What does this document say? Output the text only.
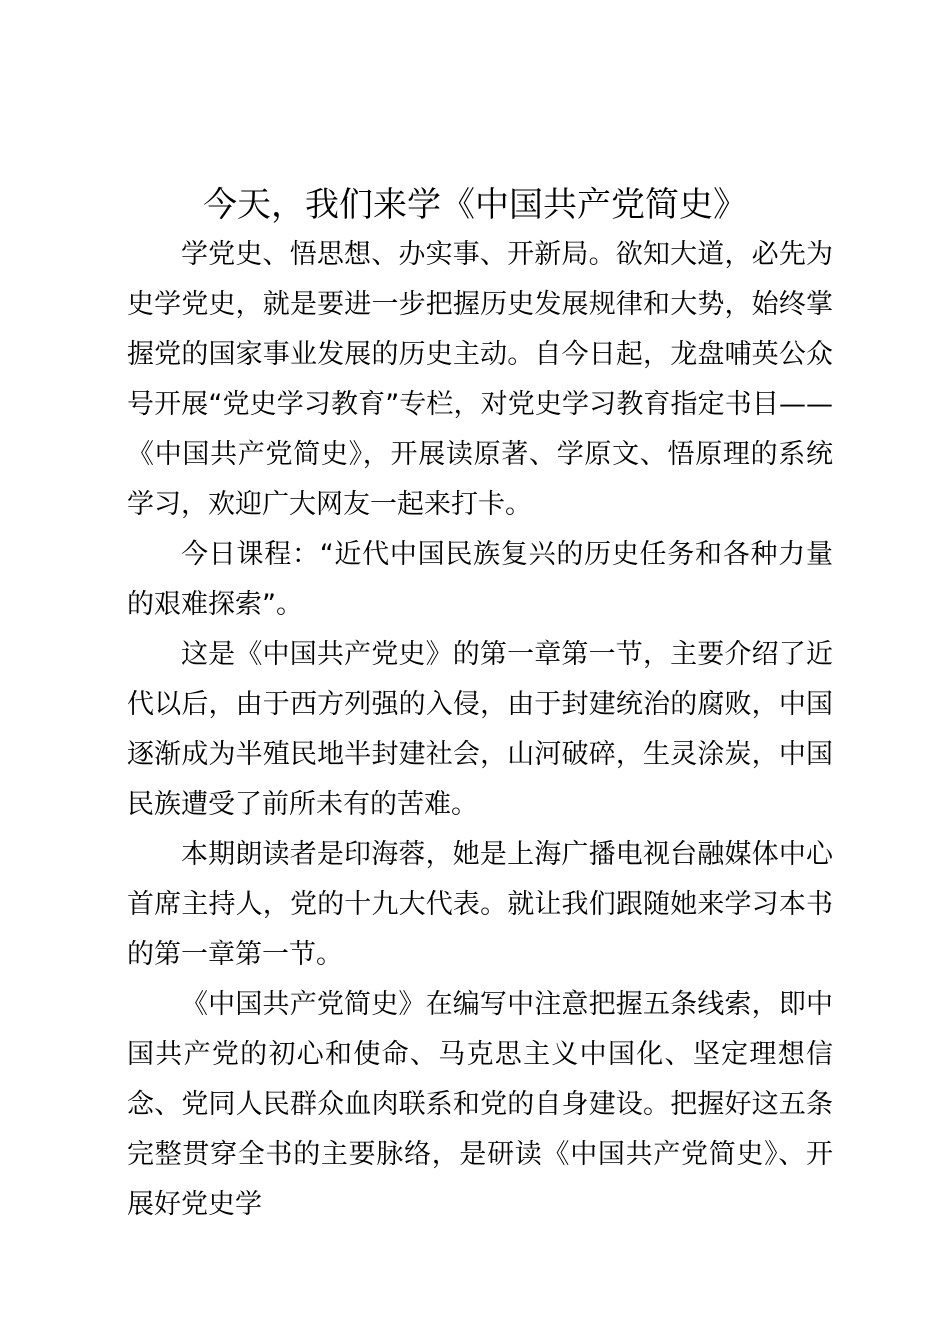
今天，我们来学《中国共产党简史》

学党史、悟思想、办实事、开新局。欲知大道，必先为史学党史，就是要进一步把握历史发展规律和大势，始终掌握党的国家事业发展的历史主动。自今日起，龙盘哺英公众号开展“党史学习教育”专栏，对党史学习教育指定书目——《中国共产党简史》，开展读原著、学原文、悟原理的系统学习，欢迎广大网友一起来打卡。

今日课程：“近代中国民族复兴的历史任务和各种力量的艰难探索”。

这是《中国共产党史》的第一章第一节，主要介绍了近代以后，由于西方列强的入侵，由于封建统治的腐败，中国逐渐成为半殖民地半封建社会，山河破碎，生灵涂炭，中国民族遭受了前所未有的苦难。

本期朗读者是印海蓉，她是上海广播电视台融媒体中心首席主持人，党的十九大代表。就让我们跟随她来学习本书的第一章第一节。

《中国共产党简史》在编写中注意把握五条线索，即中国共产党的初心和使命、马克思主义中国化、坚定理想信念、党同人民群众血肉联系和党的自身建设。把握好这五条完整贯穿全书的主要脉络，是研读《中国共产党简史》、开展好党史学
